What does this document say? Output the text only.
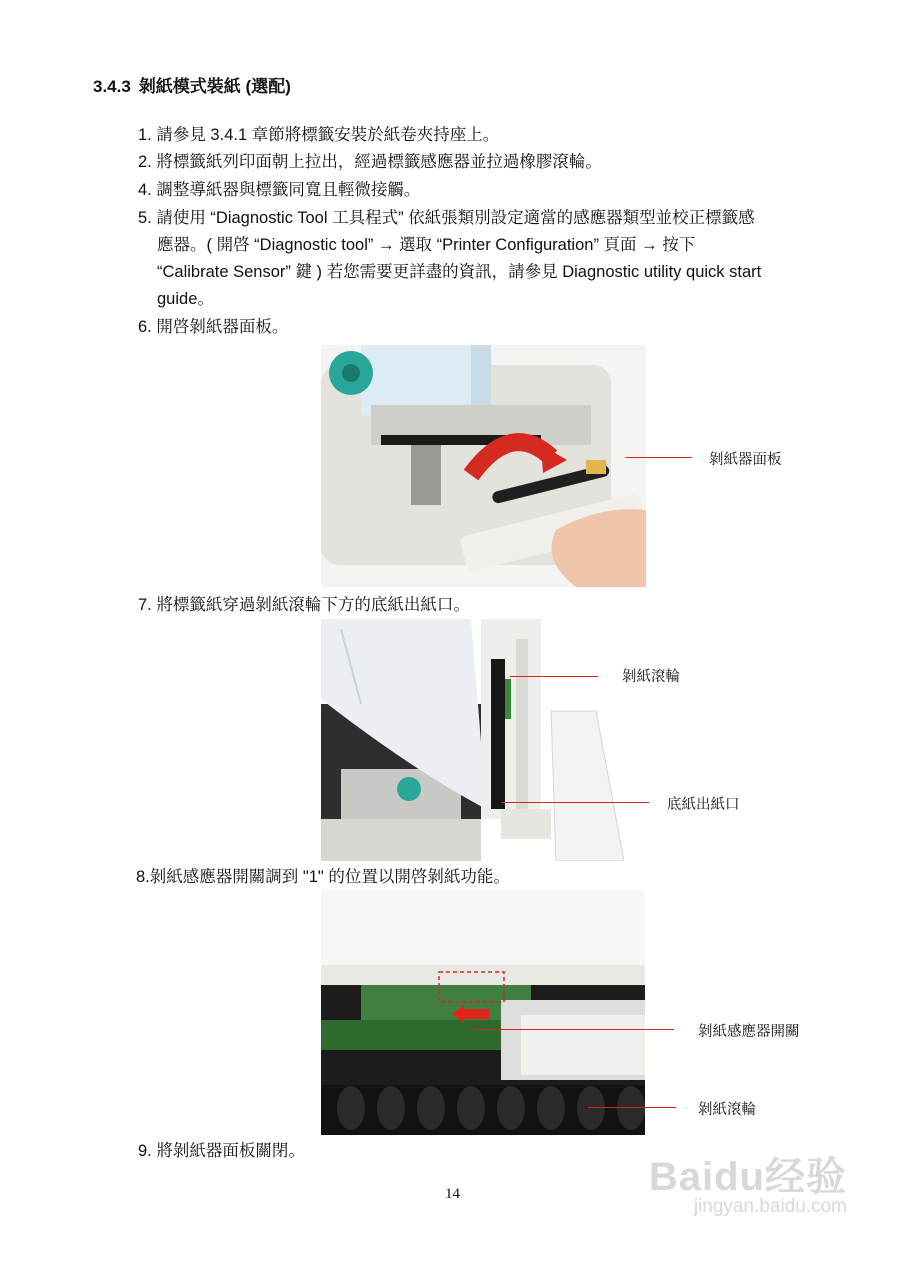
3.4.3 剝紙模式裝紙 (選配)
1. 請參見 3.4.1 章節將標籤安裝於紙卷夾持座上。
2. 將標籤紙列印面朝上拉出，經過標籤感應器並拉過橡膠滾輪。
4. 調整導紙器與標籤同寬且輕微接觸。
5. 請使用 “Diagnostic Tool 工具程式” 依紙張類別設定適當的感應器類型並校正標籤感
應器。( 開啓 “Diagnostic tool” → 選取 “Printer Configuration” 頁面 → 按下
“Calibrate Sensor” 鍵 ) 若您需要更詳盡的資訊，請參見 Diagnostic utility quick start
guide。
6. 開啓剝紙器面板。
剝紙器面板
7. 將標籤紙穿過剝紙滾輪下方的底紙出紙口。
剝紙滾輪
底紙出紙口
8.剝紙感應器開關調到 "1" 的位置以開啓剝紙功能。
剝紙感應器開關
剝紙滾輪
9. 將剝紙器面板關閉。
14	Baidu经验
jingyan.baidu.com
